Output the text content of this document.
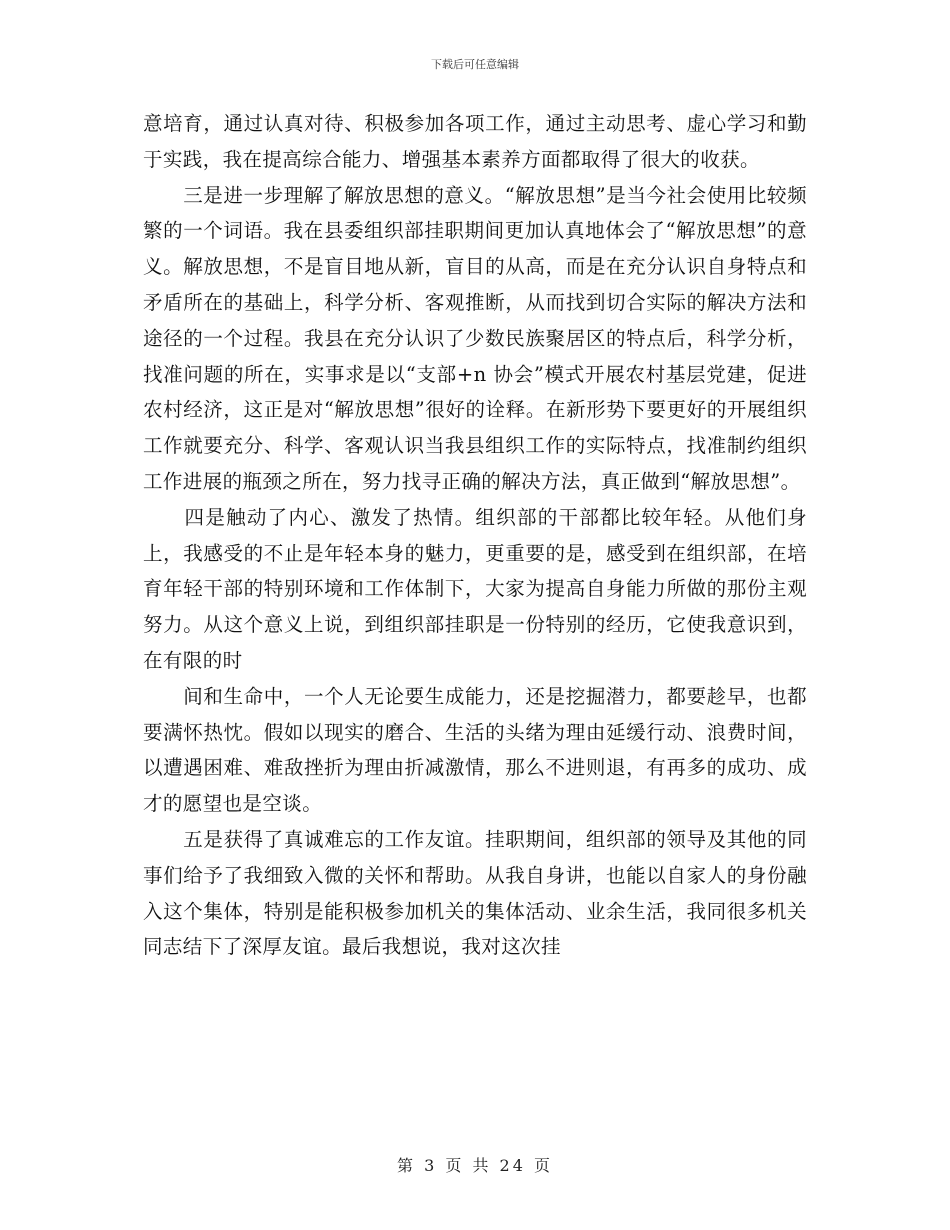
下载后可任意编辑

意培育，通过认真对待、积极参加各项工作，通过主动思考、虚心学习和勤于实践，我在提高综合能力、增强基本素养方面都取得了很大的收获。

　　三是进一步理解了解放思想的意义。“解放思想”是当今社会使用比较频繁的一个词语。我在县委组织部挂职期间更加认真地体会了“解放思想”的意义。解放思想，不是盲目地从新，盲目的从高，而是在充分认识自身特点和矛盾所在的基础上，科学分析、客观推断，从而找到切合实际的解决方法和途径的一个过程。我县在充分认识了少数民族聚居区的特点后，科学分析，找准问题的所在，实事求是以“支部+n 协会”模式开展农村基层党建，促进农村经济，这正是对“解放思想”很好的诠释。在新形势下要更好的开展组织工作就要充分、科学、客观认识当我县组织工作的实际特点，找准制约组织工作进展的瓶颈之所在，努力找寻正确的解决方法，真正做到“解放思想”。

　　四是触动了内心、激发了热情。组织部的干部都比较年轻。从他们身上，我感受的不止是年轻本身的魅力，更重要的是，感受到在组织部，在培育年轻干部的特别环境和工作体制下，大家为提高自身能力所做的那份主观努力。从这个意义上说，到组织部挂职是一份特别的经历，它使我意识到，在有限的时

　　间和生命中，一个人无论要生成能力，还是挖掘潜力，都要趁早，也都要满怀热忱。假如以现实的磨合、生活的头绪为理由延缓行动、浪费时间，以遭遇困难、难敌挫折为理由折减激情，那么不进则退，有再多的成功、成才的愿望也是空谈。

　　五是获得了真诚难忘的工作友谊。挂职期间，组织部的领导及其他的同事们给予了我细致入微的关怀和帮助。从我自身讲，也能以自家人的身份融入这个集体，特别是能积极参加机关的集体活动、业余生活，我同很多机关同志结下了深厚友谊。最后我想说，我对这次挂

第 3 页 共 24 页
